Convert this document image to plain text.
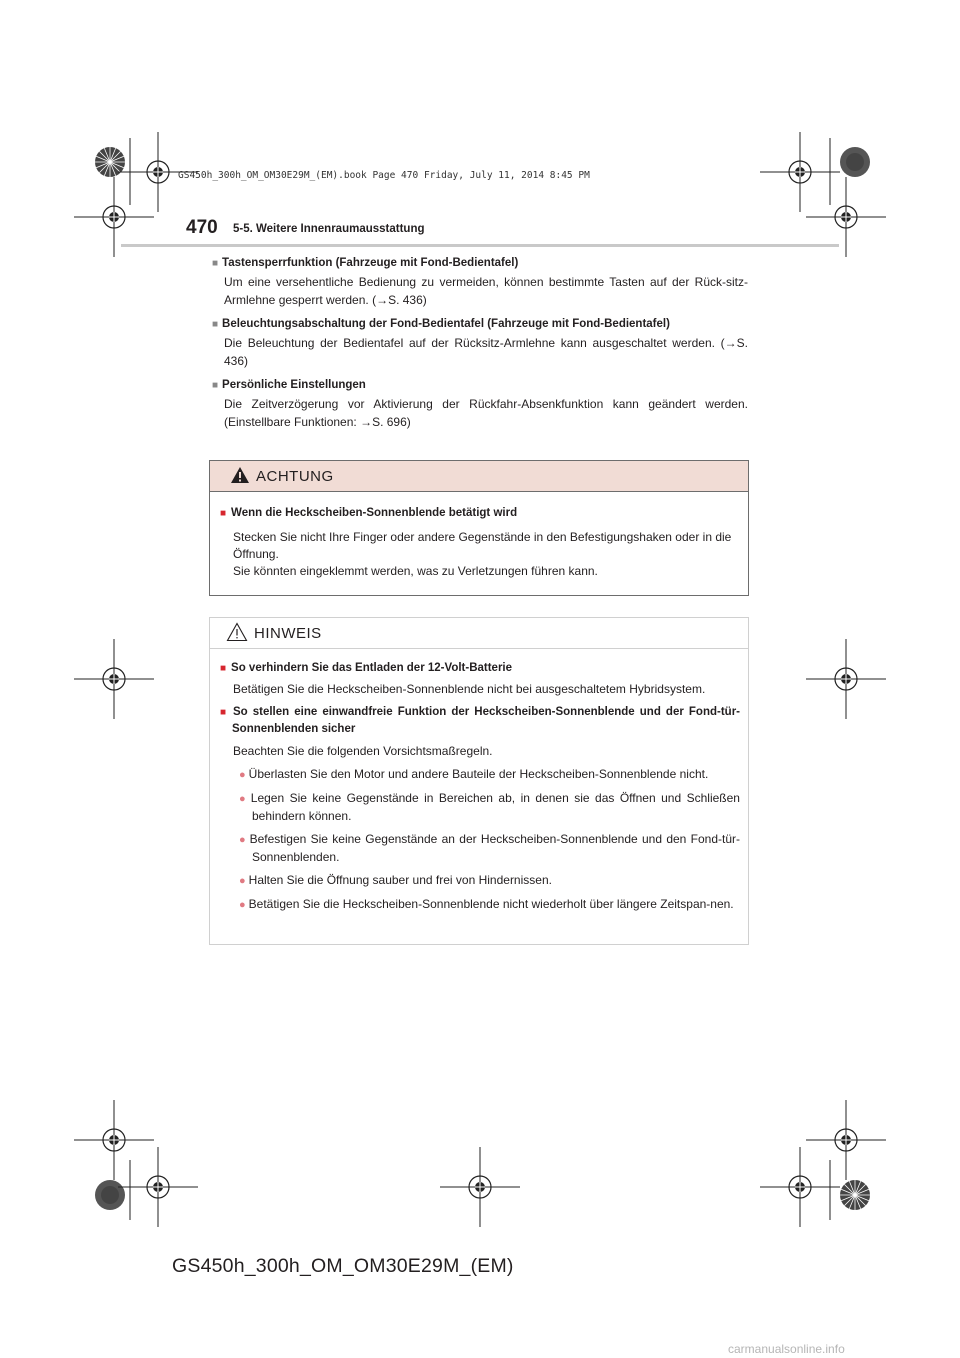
GS450h_300h_OM_OM30E29M_(EM).book Page 470 Friday, July 11, 2014 8:45 PM
470 5-5. Weitere Innenraumausstattung
■ Tastensperrfunktion (Fahrzeuge mit Fond-Bedientafel)
Um eine versehentliche Bedienung zu vermeiden, können bestimmte Tasten auf der Rück-sitz-Armlehne gesperrt werden. (→S. 436)
■ Beleuchtungsabschaltung der Fond-Bedientafel (Fahrzeuge mit Fond-Bedientafel)
Die Beleuchtung der Bedientafel auf der Rücksitz-Armlehne kann ausgeschaltet werden. (→S. 436)
■ Persönliche Einstellungen
Die Zeitverzögerung vor Aktivierung der Rückfahr-Absenkfunktion kann geändert werden. (Einstellbare Funktionen: →S. 696)
ACHTUNG
■ Wenn die Heckscheiben-Sonnenblende betätigt wird
Stecken Sie nicht Ihre Finger oder andere Gegenstände in den Befestigungshaken oder in die Öffnung.
Sie könnten eingeklemmt werden, was zu Verletzungen führen kann.
HINWEIS
■ So verhindern Sie das Entladen der 12-Volt-Batterie
Betätigen Sie die Heckscheiben-Sonnenblende nicht bei ausgeschaltetem Hybridsystem.
■ So stellen eine einwandfreie Funktion der Heckscheiben-Sonnenblende und der Fond-tür-Sonnenblenden sicher
Beachten Sie die folgenden Vorsichtsmaßregeln.
● Überlasten Sie den Motor und andere Bauteile der Heckscheiben-Sonnenblende nicht.
● Legen Sie keine Gegenstände in Bereichen ab, in denen sie das Öffnen und Schließen behindern können.
● Befestigen Sie keine Gegenstände an der Heckscheiben-Sonnenblende und den Fond-tür-Sonnenblenden.
● Halten Sie die Öffnung sauber und frei von Hindernissen.
● Betätigen Sie die Heckscheiben-Sonnenblende nicht wiederholt über längere Zeitspan-nen.
GS450h_300h_OM_OM30E29M_(EM)
carmanualsonline.info
